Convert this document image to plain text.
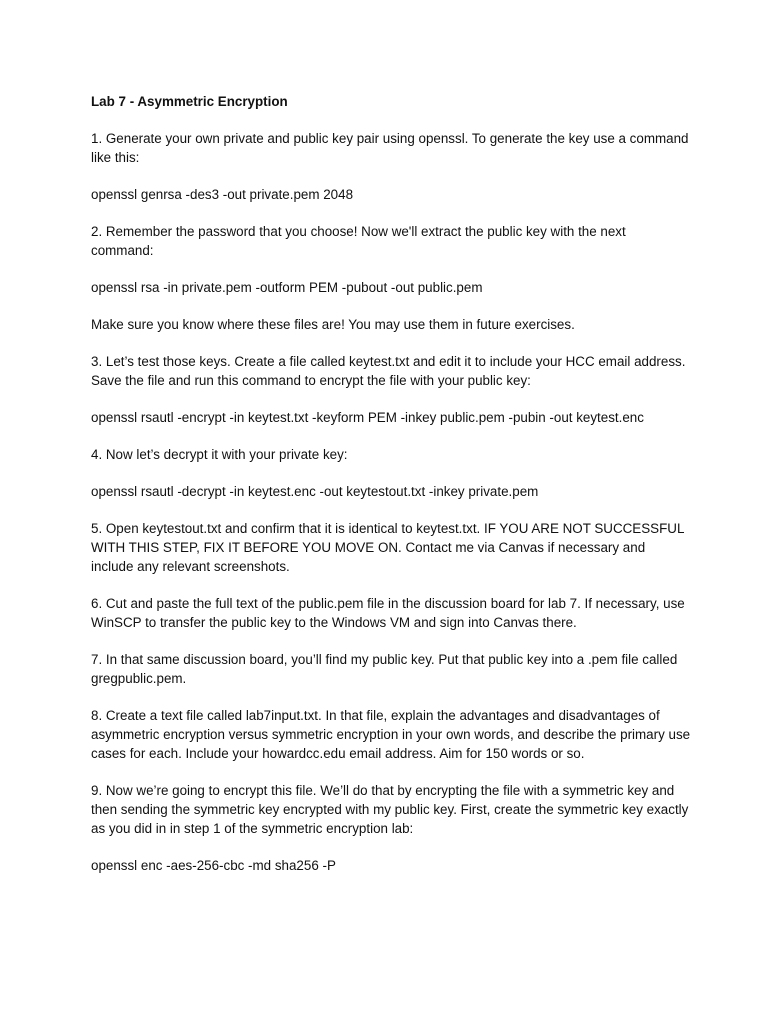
Lab 7 - Asymmetric Encryption
1. Generate your own private and public key pair using openssl. To generate the key use a command like this:
openssl genrsa -des3 -out private.pem 2048
2. Remember the password that you choose! Now we'll extract the public key with the next command:
openssl rsa -in private.pem -outform PEM -pubout -out public.pem
Make sure you know where these files are! You may use them in future exercises.
3. Let’s test those keys. Create a file called keytest.txt and edit it to include your HCC email address. Save the file and run this command to encrypt the file with your public key:
openssl rsautl -encrypt -in keytest.txt -keyform PEM -inkey public.pem -pubin -out keytest.enc
4. Now let’s decrypt it with your private key:
openssl rsautl -decrypt -in keytest.enc -out keytestout.txt -inkey private.pem
5. Open keytestout.txt and confirm that it is identical to keytest.txt. IF YOU ARE NOT SUCCESSFUL WITH THIS STEP, FIX IT BEFORE YOU MOVE ON. Contact me via Canvas if necessary and include any relevant screenshots.
6. Cut and paste the full text of the public.pem file in the discussion board for lab 7. If necessary, use WinSCP to transfer the public key to the Windows VM and sign into Canvas there.
7. In that same discussion board, you’ll find my public key. Put that public key into a .pem file called gregpublic.pem.
8. Create a text file called lab7input.txt. In that file, explain the advantages and disadvantages of asymmetric encryption versus symmetric encryption in your own words, and describe the primary use cases for each. Include your howardcc.edu email address. Aim for 150 words or so.
9. Now we’re going to encrypt this file. We’ll do that by encrypting the file with a symmetric key and then sending the symmetric key encrypted with my public key. First, create the symmetric key exactly as you did in in step 1 of the symmetric encryption lab:
openssl enc -aes-256-cbc -md sha256 -P
